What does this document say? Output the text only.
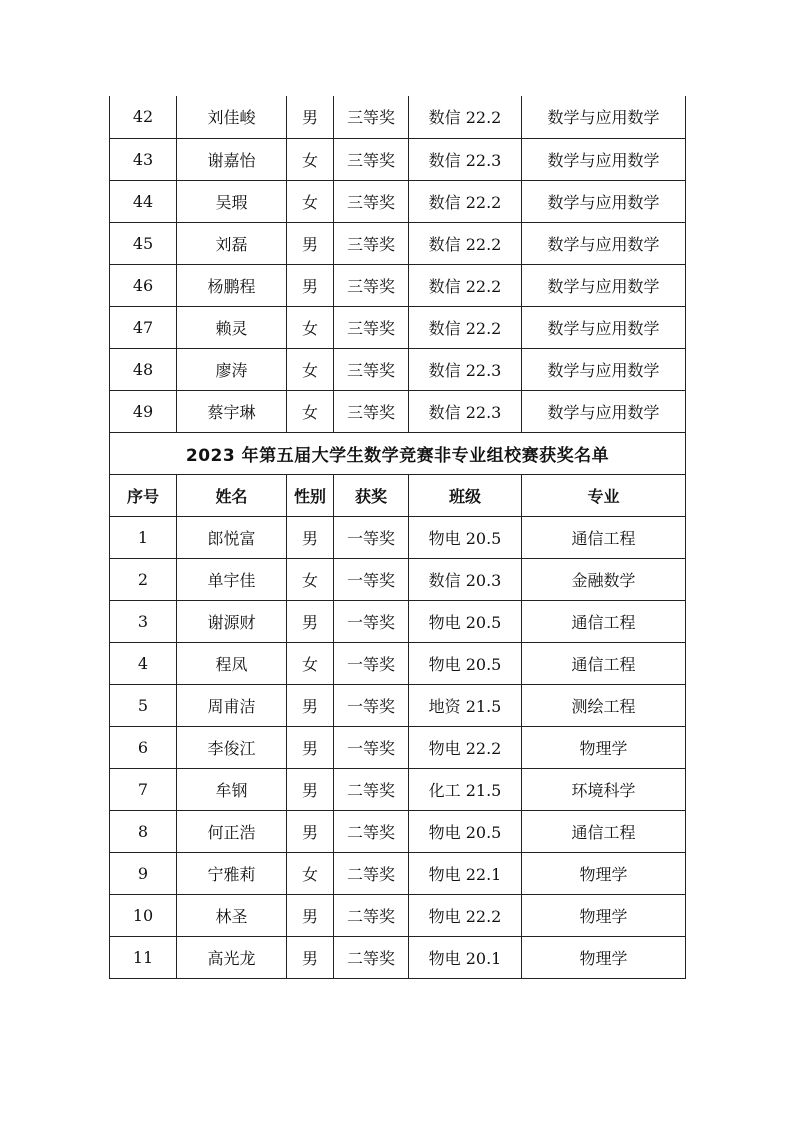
42	刘佳峻	男	三等奖	数信 22.2	数学与应用数学
43	谢嘉怡	女	三等奖	数信 22.3	数学与应用数学
44	吴瑕	女	三等奖	数信 22.2	数学与应用数学
45	刘磊	男	三等奖	数信 22.2	数学与应用数学
46	杨鹏程	男	三等奖	数信 22.2	数学与应用数学
47	赖灵	女	三等奖	数信 22.2	数学与应用数学
48	廖涛	女	三等奖	数信 22.3	数学与应用数学
49	蔡宇琳	女	三等奖	数信 22.3	数学与应用数学
2023 年第五届大学生数学竞赛非专业组校赛获奖名单					
序号	姓名	性别	获奖	班级	专业
1	郎悦富	男	一等奖	物电 20.5	通信工程
2	单宇佳	女	一等奖	数信 20.3	金融数学
3	谢源财	男	一等奖	物电 20.5	通信工程
4	程凤	女	一等奖	物电 20.5	通信工程
5	周甫洁	男	一等奖	地资 21.5	测绘工程
6	李俊江	男	一等奖	物电 22.2	物理学
7	牟钢	男	二等奖	化工 21.5	环境科学
8	何正浩	男	二等奖	物电 20.5	通信工程
9	宁雅莉	女	二等奖	物电 22.1	物理学
10	林圣	男	二等奖	物电 22.2	物理学
11	高光龙	男	二等奖	物电 20.1	物理学
